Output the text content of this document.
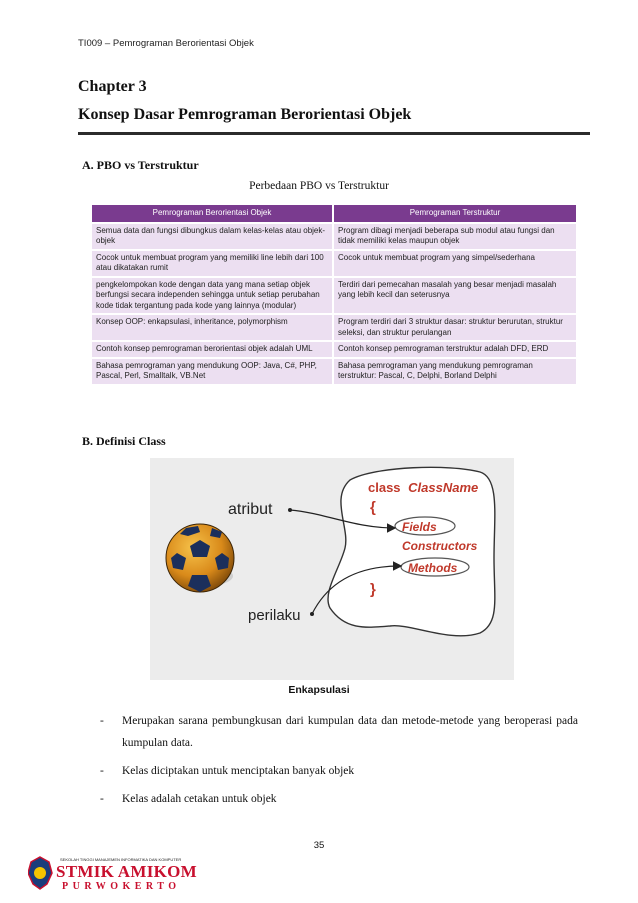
TI009 – Pemrograman Berorientasi Objek
Chapter 3
Konsep Dasar Pemrograman Berorientasi Objek
A. PBO vs Terstruktur
Perbedaan PBO vs Terstruktur
Pemrograman Berorientasi Objek	Pemrograman Terstruktur
Semua data dan fungsi dibungkus dalam kelas-kelas atau objek-objek	Program dibagi menjadi beberapa sub modul atau fungsi dan tidak memiliki kelas maupun objek
Cocok untuk membuat program yang memiliki line lebih dari 100 atau dikatakan rumit	Cocok untuk membuat program yang simpel/sederhana
pengkelompokan kode dengan data yang mana setiap objek berfungsi secara independen sehingga untuk setiap perubahan kode tidak tergantung pada kode yang lainnya (modular)	Terdiri dari pemecahan masalah yang besar menjadi masalah yang lebih kecil dan seterusnya
Konsep OOP: enkapsulasi, inheritance, polymorphism	Program terdiri dari 3 struktur dasar: struktur berurutan, struktur seleksi, dan struktur perulangan
Contoh konsep pemrograman berorientasi objek adalah UML	Contoh konsep pemrograman terstruktur adalah DFD, ERD
Bahasa pemrograman yang mendukung OOP: Java, C#, PHP, Pascal, Perl, Smalltalk, VB.Net	Bahasa pemrograman yang mendukung pemrograman terstruktur: Pascal, C, Delphi, Borland Delphi
B. Definisi Class
atribut
perilaku
class ClassName
{
Fields
Constructors
Methods
}
Enkapsulasi
-	Merupakan sarana pembungkusan dari kumpulan data dan metode-metode yang beroperasi pada kumpulan data.
-	Kelas diciptakan untuk menciptakan banyak objek
-	Kelas adalah cetakan untuk objek
35
SEKOLAH TINGGI MANAJEMEN INFORMATIKA DAN KOMPUTER
STMIK AMIKOM
PURWOKERTO
